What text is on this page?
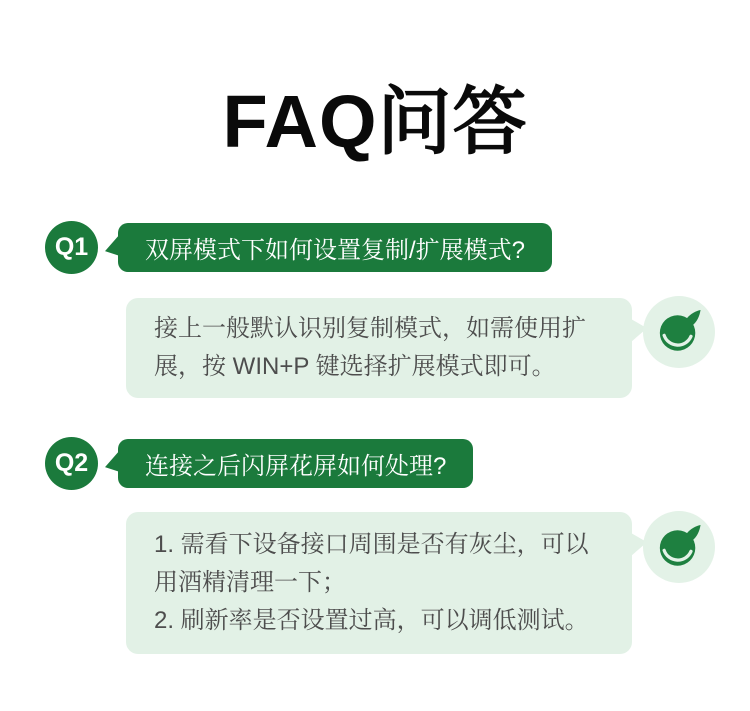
FAQ问答
Q1	双屏模式下如何设置复制/扩展模式?
接上一般默认识别复制模式，如需使用扩展，按 WIN+P 键选择扩展模式即可。
Q2	连接之后闪屏花屏如何处理?
1. 需看下设备接口周围是否有灰尘，可以用酒精清理一下；
2. 刷新率是否设置过高，可以调低测试。
